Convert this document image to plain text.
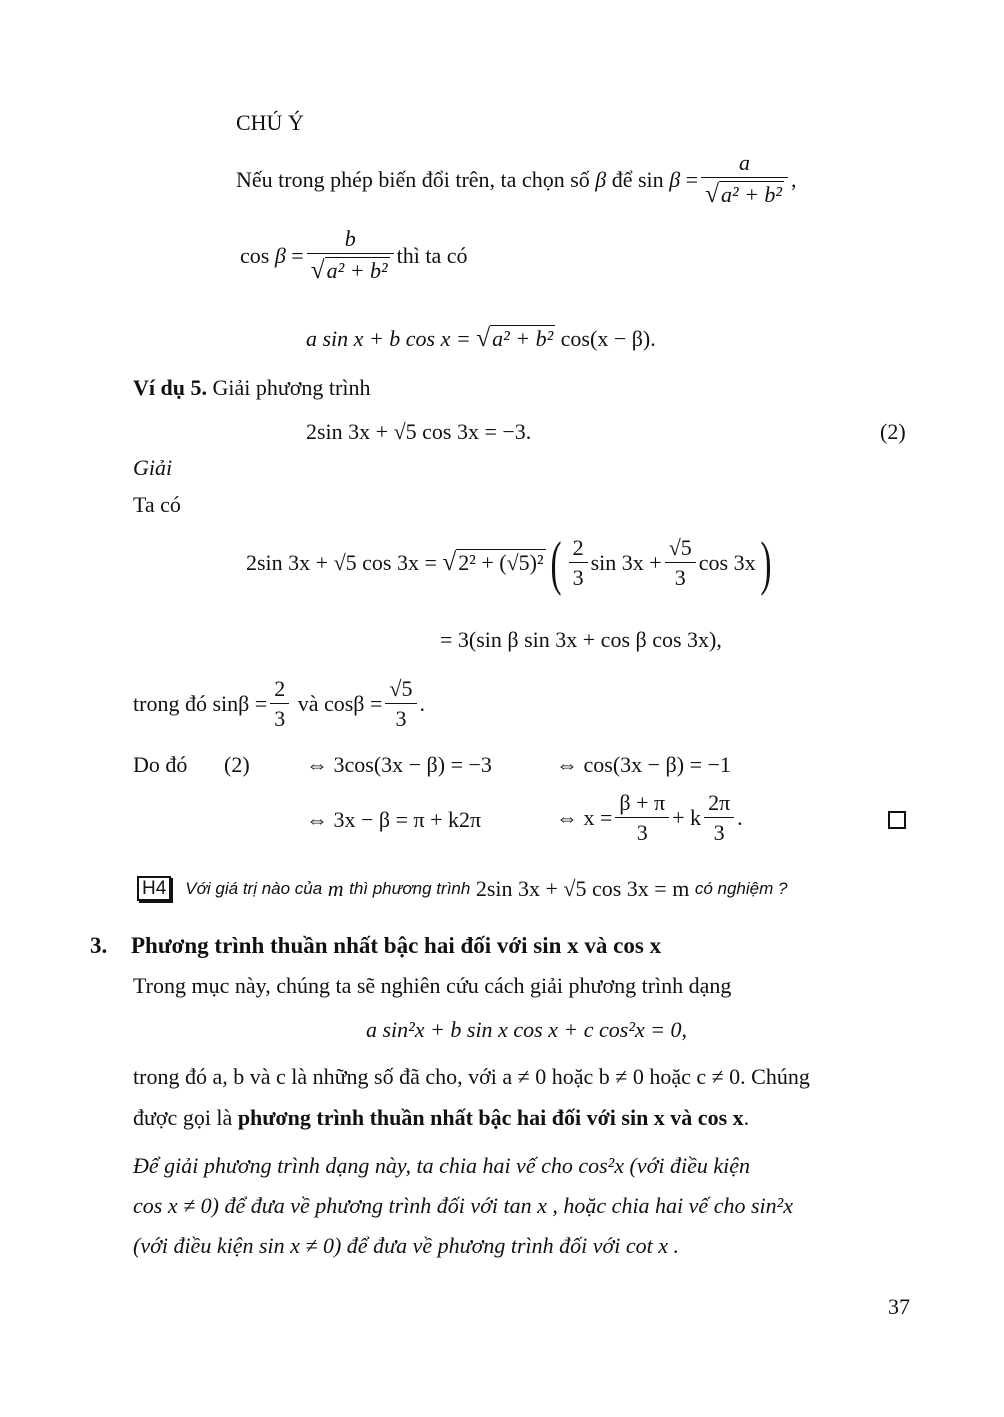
CHÚ Ý
Nếu trong phép biến đổi trên, ta chọn số
β
để
$\sin \beta = \frac{a}{\text{√a² + b²}}$ ,
$\cos \beta = \frac{b}{\text{√a² + b²}}$ thì ta có
a sin x + b cos x = √a² + b² cos(x − β).
Ví dụ 5. Giải phương trình
2sin 3x + √5 cos 3x = −3.	(2)
Giải
Ta có
2sin 3x + √5 cos 3x =
√2² + (√5)² ( $\frac{2}{3}$ $\sin 3x + \frac{√5}{3}$ cos 3x )
= 3(sin β sin 3x + cos β cos 3x),
trong đó $\sin\beta = \frac{2}{3}$
và $\cos\beta = \frac{√5}{3}$ .
Do đó (2)	⇔ 3cos(3x − β) = −3	⇔ cos(3x − β) = −1
⇔ 3x − β = π + k2π	⇔ $x = \frac{\beta + \pi}{3} + k \frac{2\pi}{3}$ .
H4 Với giá trị nào của
m
thì phương trình
2sin 3x + √5 cos 3x = m
có nghiệm ?
3. Phương trình thuần nhất bậc hai đối với sin x và cos x
Trong mục này, chúng ta sẽ nghiên cứu cách giải phương trình dạng
a sin²x + b sin x cos x + c cos²x = 0,
trong đó a, b và c là những số đã cho, với a ≠ 0 hoặc b ≠ 0 hoặc c ≠ 0. Chúng
được gọi là phương trình thuần nhất bậc hai đối với sin x và cos x.
Để giải phương trình dạng này, ta chia hai vế cho cos²x (với điều kiện
cos x ≠ 0) để đưa về phương trình đối với tan x , hoặc chia hai vế cho sin²x
(với điều kiện sin x ≠ 0) để đưa về phương trình đối với cot x .
37
